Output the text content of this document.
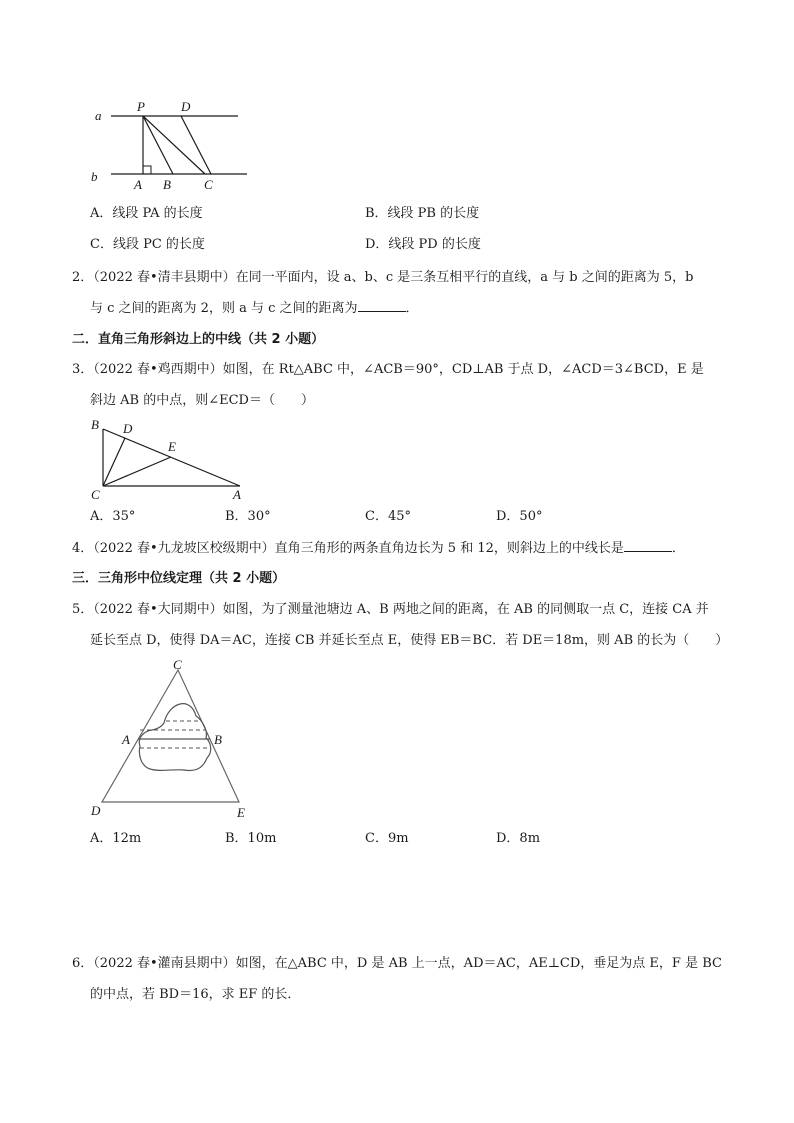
a
b
P	D
A B	C
A．线段 PA 的长度	B．线段 PB 的长度
C．线段 PC 的长度	D．线段 PD 的长度
2．（2022 春•清丰县期中）在同一平面内，设 a、b、c 是三条互相平行的直线，a 与 b 之间的距离为 5，b
与 c 之间的距离为 2，则 a 与 c 之间的距离为	．
二．直角三角形斜边上的中线（共 2 小题）
3．（2022 春•鸡西期中）如图，在 Rt△ABC 中，∠ACB＝90°，CD⊥AB 于点 D，∠ACD＝3∠BCD，E 是
斜边 AB 的中点，则∠ECD＝（　　）
B D
E
C	A
A．35°	B．30°	C．45°	D．50°
4．（2022 春•九龙坡区校级期中）直角三角形的两条直角边长为 5 和 12，则斜边上的中线长是	．
三．三角形中位线定理（共 2 小题）
5．（2022 春•大同期中）如图，为了测量池塘边 A、B 两地之间的距离，在 AB 的同侧取一点 C，连接 CA 并
延长至点 D，使得 DA＝AC，连接 CB 并延长至点 E，使得 EB＝BC．若 DE＝18m，则 AB 的长为（　　）
C
A	B
D	E
A．12m	B．10m	C．9m	D．8m
6．（2022 春•灌南县期中）如图，在△ABC 中，D 是 AB 上一点，AD＝AC，AE⊥CD，垂足为点 E，F 是 BC
的中点，若 BD＝16，求 EF 的长．
